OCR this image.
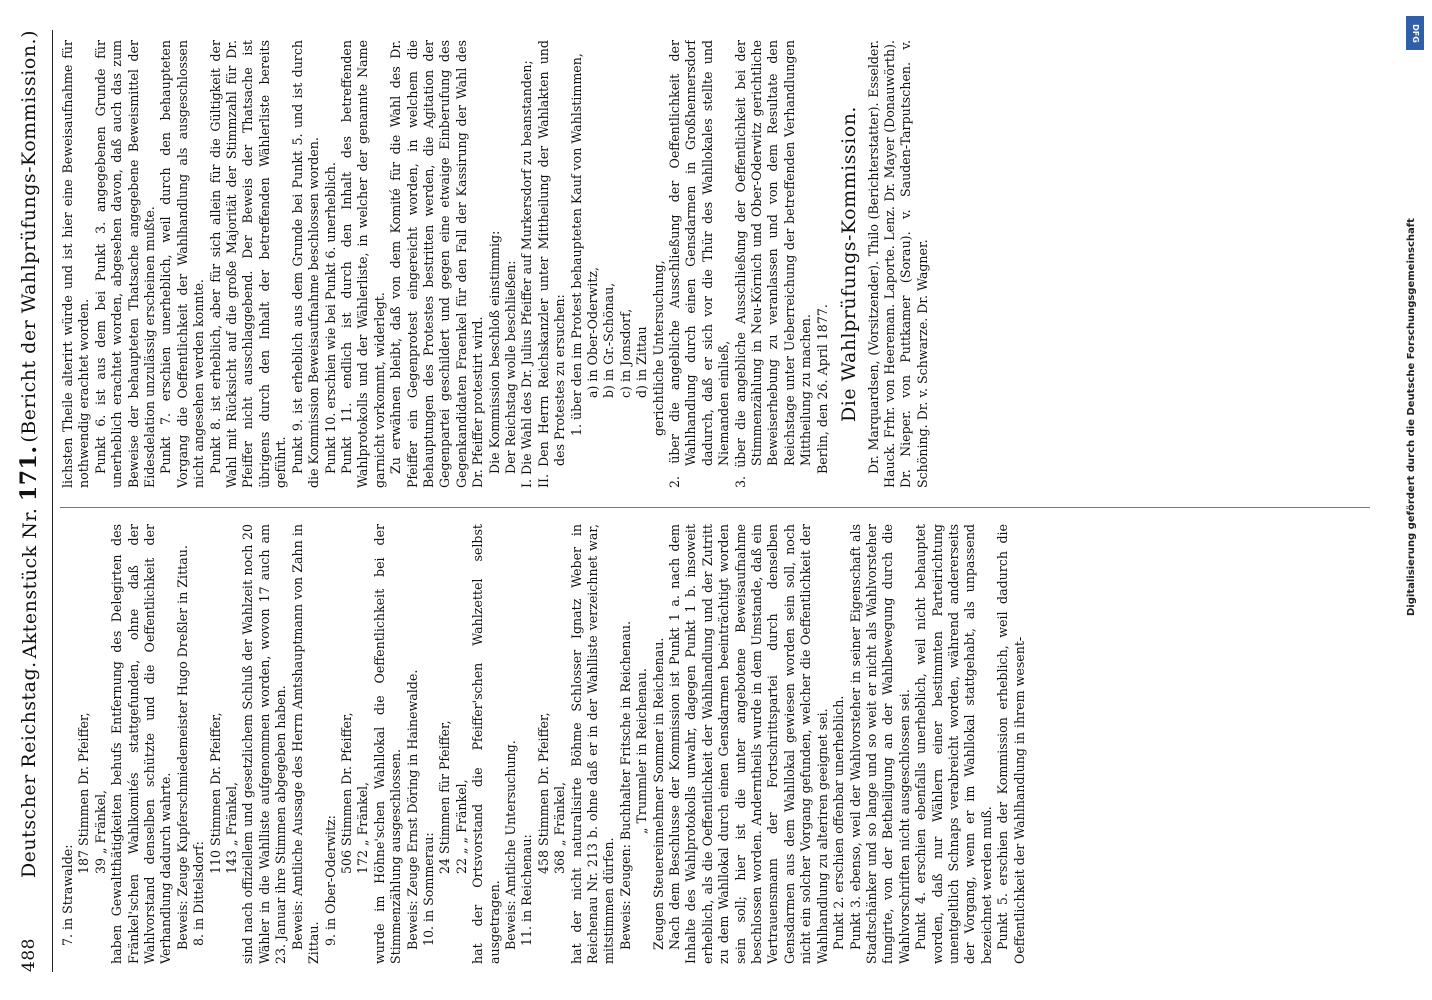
488
Deutscher Reichstag.
Aktenstück Nr. 171.
(Bericht der Wahlprüfungs-Kommission.)

7. in Strawalde:

187 Stimmen Dr. Pfeiffer, 39 „ Fränkel, haben Gewaltthätigkeiten behufs Entfernung des Delegirten des Fränkel'schen Wahlkomités stattgefunden, ohne daß der Wahlvorstand denselben schützte und die Oeffentlichkeit der Verhandlung dadurch wahrte. Beweis: Zeuge Kupferschmiedemeister Hugo Dreßler in Zittau. 8. in Dittelsdorf:

110 Stimmen Dr. Pfeiffer, 143 „ Fränkel, sind nach offiziellem und gesetzlichem Schluß der Wahlzeit noch 20 Wähler in die Wahlliste aufgenommen worden, wovon 17 auch am 23. Januar ihre Stimmen abgegeben haben. Beweis: Amtliche Aussage des Herrn Amtshauptmann von Zahn in Zittau. 9. in Ober-Oderwitz:

506 Stimmen Dr. Pfeiffer, 172 „ Fränkel, wurde im Höhne'schen Wahllokal die Oeffentlichkeit bei der Stimmenzählung ausgeschlossen. Beweis: Zeuge Ernst Döring in Hainewalde. 10. in Sommerau:

24 Stimmen für Pfeiffer, 22 „ „ Fränkel, hat der Ortsvorstand die Pfeiffer'schen Wahlzettel selbst ausgetragen. Beweis: Amtliche Untersuchung. 11. in Reichenau:

458 Stimmen Dr. Pfeiffer, 368 „ Fränkel, hat der nicht naturalisirte Böhme Schlosser Ignatz Weber in Reichenau Nr. 213 b. ohne daß er in der Wahlliste verzeichnet war, mitstimmen dürfen. Beweis: Zeugen: Buchhalter Fritsche in Reichenau. „ Trummler in Reichenau. Zeugen Steuereinnehmer Sommer in Reichenau. Nach dem Beschlusse der Kommission ist Punkt 1 a. nach dem Inhalte des Wahlprotokolls unwahr, dagegen Punkt 1 b. insoweit erheblich, als die Oeffentlichkeit der Wahlhandlung und der Zutritt zu dem Wahllokal durch einen Gensdarmen beeinträchtigt worden sein soll; hier ist die unter angebotene Beweisaufnahme beschlossen worden. Anderntheils wurde in dem Umstande, daß ein Vertrauensmann der Fortschrittspartei durch denselben Gensdarmen aus dem Wahllokal gewiesen worden sein soll, noch nicht ein solcher Vorgang gefunden, welcher die Oeffentlichkeit der Wahlhandlung zu alteriren geeignet sei. Punkt 2. erschien offenbar unerheblich. Punkt 3. ebenso, weil der Wahlvorsteher in seiner Eigenschaft als Stadtschänker und so lange und so weit er nicht als Wahlvorsteher fungirte, von der Betheiligung an der Wahlbewegung durch die Wahlvorschriften nicht ausgeschlossen sei. Punkt 4. erschien ebenfalls unerheblich, weil nicht behauptet worden, daß nur Wählern einer bestimmten Parteirichtung unentgeltlich Schnaps verabreicht worden, während andererseits der Vorgang, wenn er im Wahllokal stattgehabt, als unpassend bezeichnet werden muß. Punkt 5. erschien der Kommission erheblich, weil dadurch die Oeffentlichkeit der Wahlhandlung in ihrem wesent-

lichsten Theile alterirt würde und ist hier eine Beweisaufnahme für nothwendig erachtet worden. Punkt 6. ist aus dem bei Punkt 3. angegebenen Grunde für unerheblich erachtet worden, abgesehen davon, daß auch das zum Beweise der behaupteten Thatsache angegebene Beweismittel der Eidesdelation unzulässig erscheinen mußte. Punkt 7. erschien unerheblich, weil durch den behaupteten Vorgang die Oeffentlichkeit der Wahlhandlung als ausgeschlossen nicht angesehen werden konnte. Punkt 8. ist erheblich, aber für sich allein für die Gültigkeit der Wahl mit Rücksicht auf die große Majorität der Stimmzahl für Dr. Pfeiffer nicht ausschlaggebend. Der Beweis der Thatsache ist übrigens durch den Inhalt der betreffenden Wählerliste bereits geführt. Punkt 9. ist erheblich aus dem Grunde bei Punkt 5. und ist durch die Kommission Beweisaufnahme beschlossen worden. Punkt 10. erschien wie bei Punkt 6. unerheblich. Punkt 11. endlich ist durch den Inhalt des betreffenden Wahlprotokolls und der Wählerliste, in welcher der genannte Name garnicht vorkommt, widerlegt. Zu erwähnen bleibt, daß von dem Komité für die Wahl des Dr. Pfeiffer ein Gegenprotest eingereicht worden, in welchem die Behauptungen des Protestes bestritten werden, die Agitation der Gegenpartei geschildert und gegen eine etwaige Einberufung des Gegenkandidaten Fraenkel für den Fall der Kassirung der Wahl des Dr. Pfeiffer protestirt wird. Die Kommission beschloß einstimmig: Der Reichstag wolle beschließen: I. Die Wahl des Dr. Julius Pfeiffer auf Murkersdorf zu beanstanden; II. Den Herrn Reichskanzler unter Mittheilung der Wahlakten und des Protestes zu ersuchen: 1. über den im Protest behaupteten Kauf von Wahlstimmen, a) in Ober-Oderwitz, b) in Gr.-Schönau, c) in Jonsdorf, d) in Zittau gerichtliche Untersuchung, 2. über die angebliche Ausschließung der Oeffentlichkeit der Wahlhandlung durch einen Gensdarmen in Großhennersdorf dadurch, daß er sich vor die Thür des Wahllokales stellte und Niemanden einließ, 3. über die angebliche Ausschließung der Oeffentlichkeit bei der Stimmenzählung in Neu-Körnich und Ober-Oderwitz gerichtliche Beweiserhebung zu veranlassen und von dem Resultate den Reichstage unter Ueberreichung der betreffenden Verhandlungen Mittheilung zu machen. Berlin, den 26. April 1877. Die Wahlprüfungs-Kommission. Dr. Marquardsen, (Vorsitzender). Thilo (Berichterstatter). Esselder. Hauck. Frhr. von Heereman. Laporte. Lenz. Dr. Mayer (Donauwörth). Dr. Nieper. von Puttkamer (Sorau). v. Sauden-Tarputschen. v. Schöning. Dr. v. Schwarze. Dr. Wagner.

DFG
Digitalisierung gefördert durch die Deutsche Forschungsgemeinschaft
